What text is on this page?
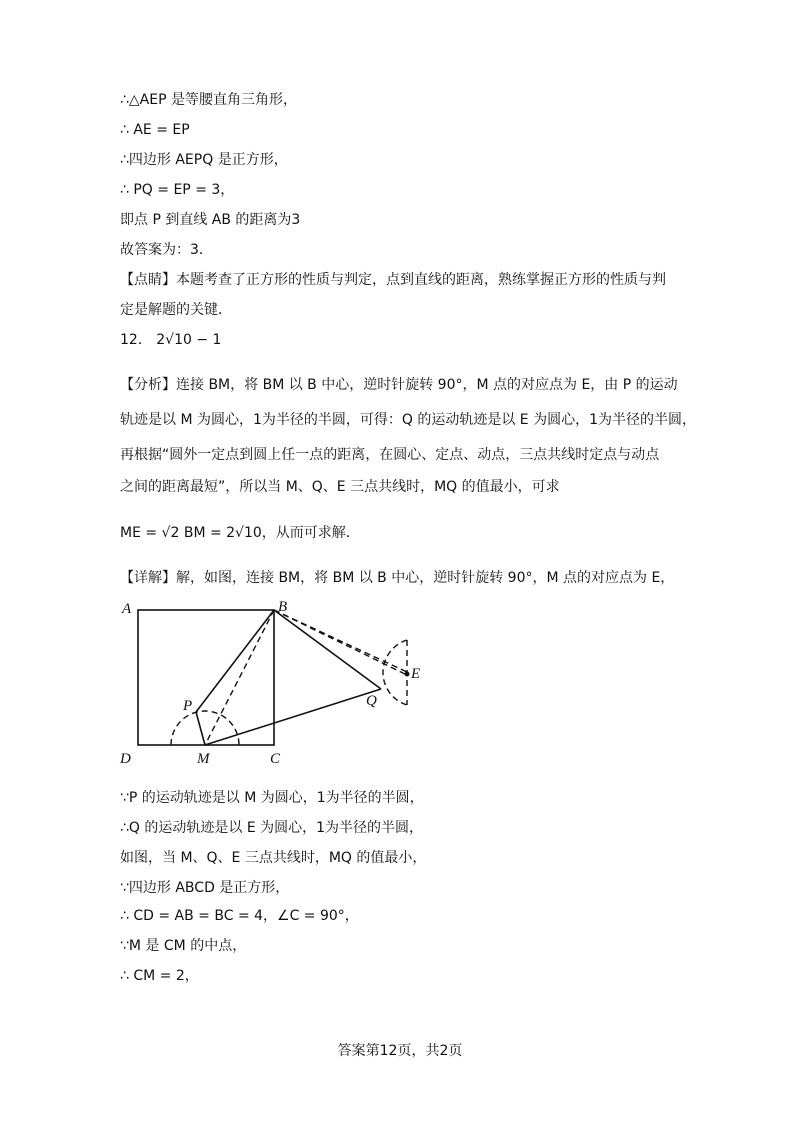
∴△AEP 是等腰直角三角形，
∴ AE = EP
∴四边形 AEPQ 是正方形，
∴ PQ = EP = 3，
即点 P 到直线 AB 的距离为3
故答案为：3．
【点睛】本题考查了正方形的性质与判定，点到直线的距离，熟练掌握正方形的性质与判
定是解题的关键．
12． 2√10 − 1
【分析】连接 BM，将 BM 以 B 中心，逆时针旋转 90°，M 点的对应点为 E，由 P 的运动
轨迹是以 M 为圆心，1为半径的半圆，可得：Q 的运动轨迹是以 E 为圆心，1为半径的半圆，
再根据“圆外一定点到圆上任一点的距离，在圆心、定点、动点，三点共线时定点与动点
之间的距离最短”，所以当 M、Q、E 三点共线时，MQ 的值最小，可求
ME = √2 BM = 2√10，从而可求解．
【详解】解，如图，连接 BM，将 BM 以 B 中心，逆时针旋转 90°，M 点的对应点为 E，
∵P 的运动轨迹是以 M 为圆心，1为半径的半圆，
∴Q 的运动轨迹是以 E 为圆心，1为半径的半圆，
如图，当 M、Q、E 三点共线时，MQ 的值最小，
∵四边形 ABCD 是正方形，
∴ CD = AB = BC = 4，∠C = 90°，
∵M 是 CM 的中点，
∴ CM = 2，
A	B
C
D	M
P	Q
E
答案第12页，共2页
